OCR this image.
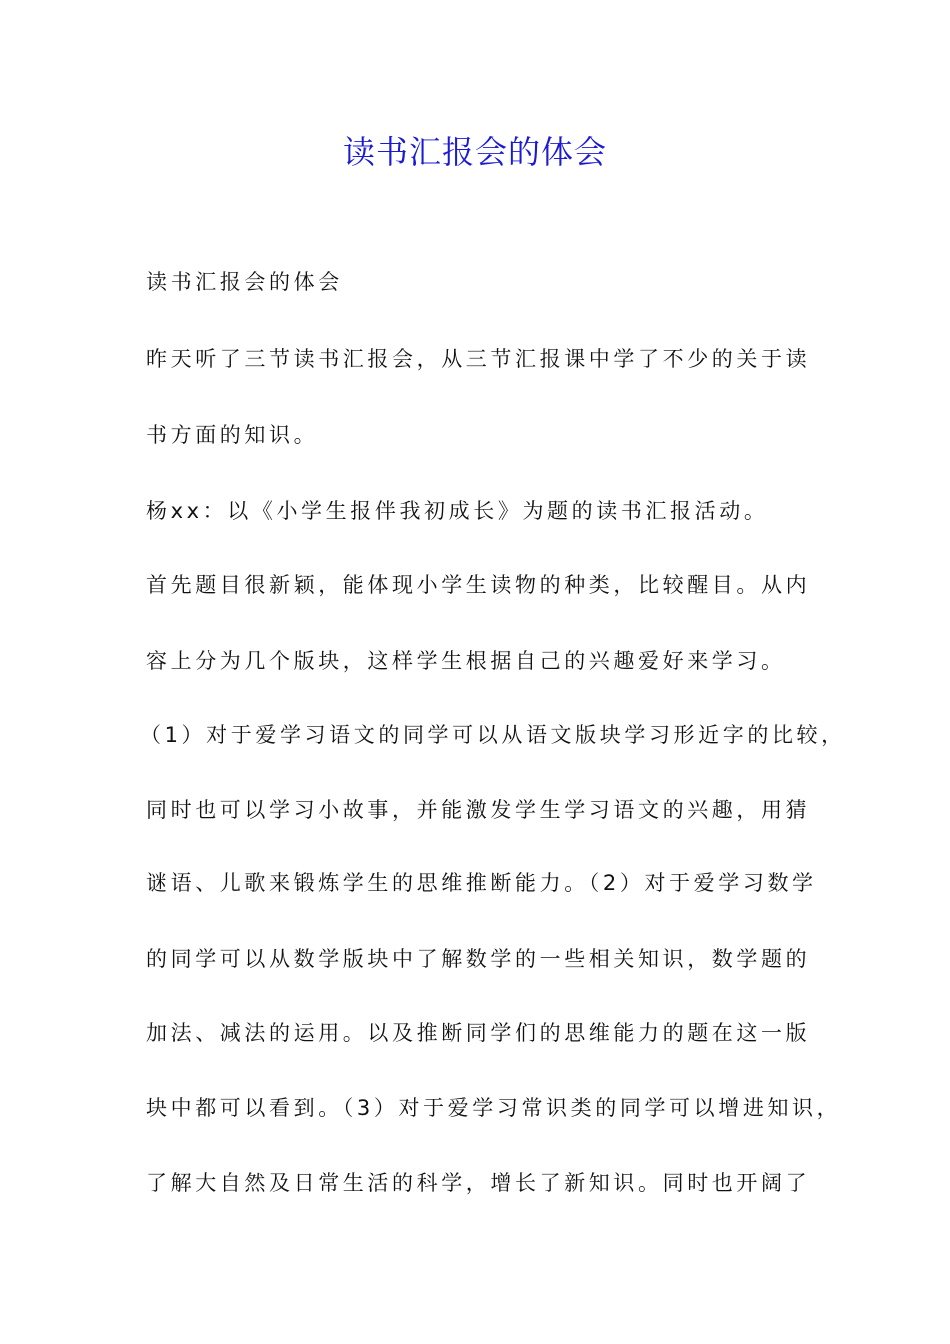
读书汇报会的体会
读书汇报会的体会
昨天听了三节读书汇报会，从三节汇报课中学了不少的关于读
书方面的知识。
杨xx：以《小学生报伴我初成长》为题的读书汇报活动。
首先题目很新颖，能体现小学生读物的种类，比较醒目。从内
容上分为几个版块，这样学生根据自己的兴趣爱好来学习。
（1）对于爱学习语文的同学可以从语文版块学习形近字的比较，
同时也可以学习小故事，并能激发学生学习语文的兴趣，用猜
谜语、儿歌来锻炼学生的思维推断能力。（2）对于爱学习数学
的同学可以从数学版块中了解数学的一些相关知识，数学题的
加法、减法的运用。以及推断同学们的思维能力的题在这一版
块中都可以看到。（3）对于爱学习常识类的同学可以增进知识，
了解大自然及日常生活的科学，增长了新知识。同时也开阔了
